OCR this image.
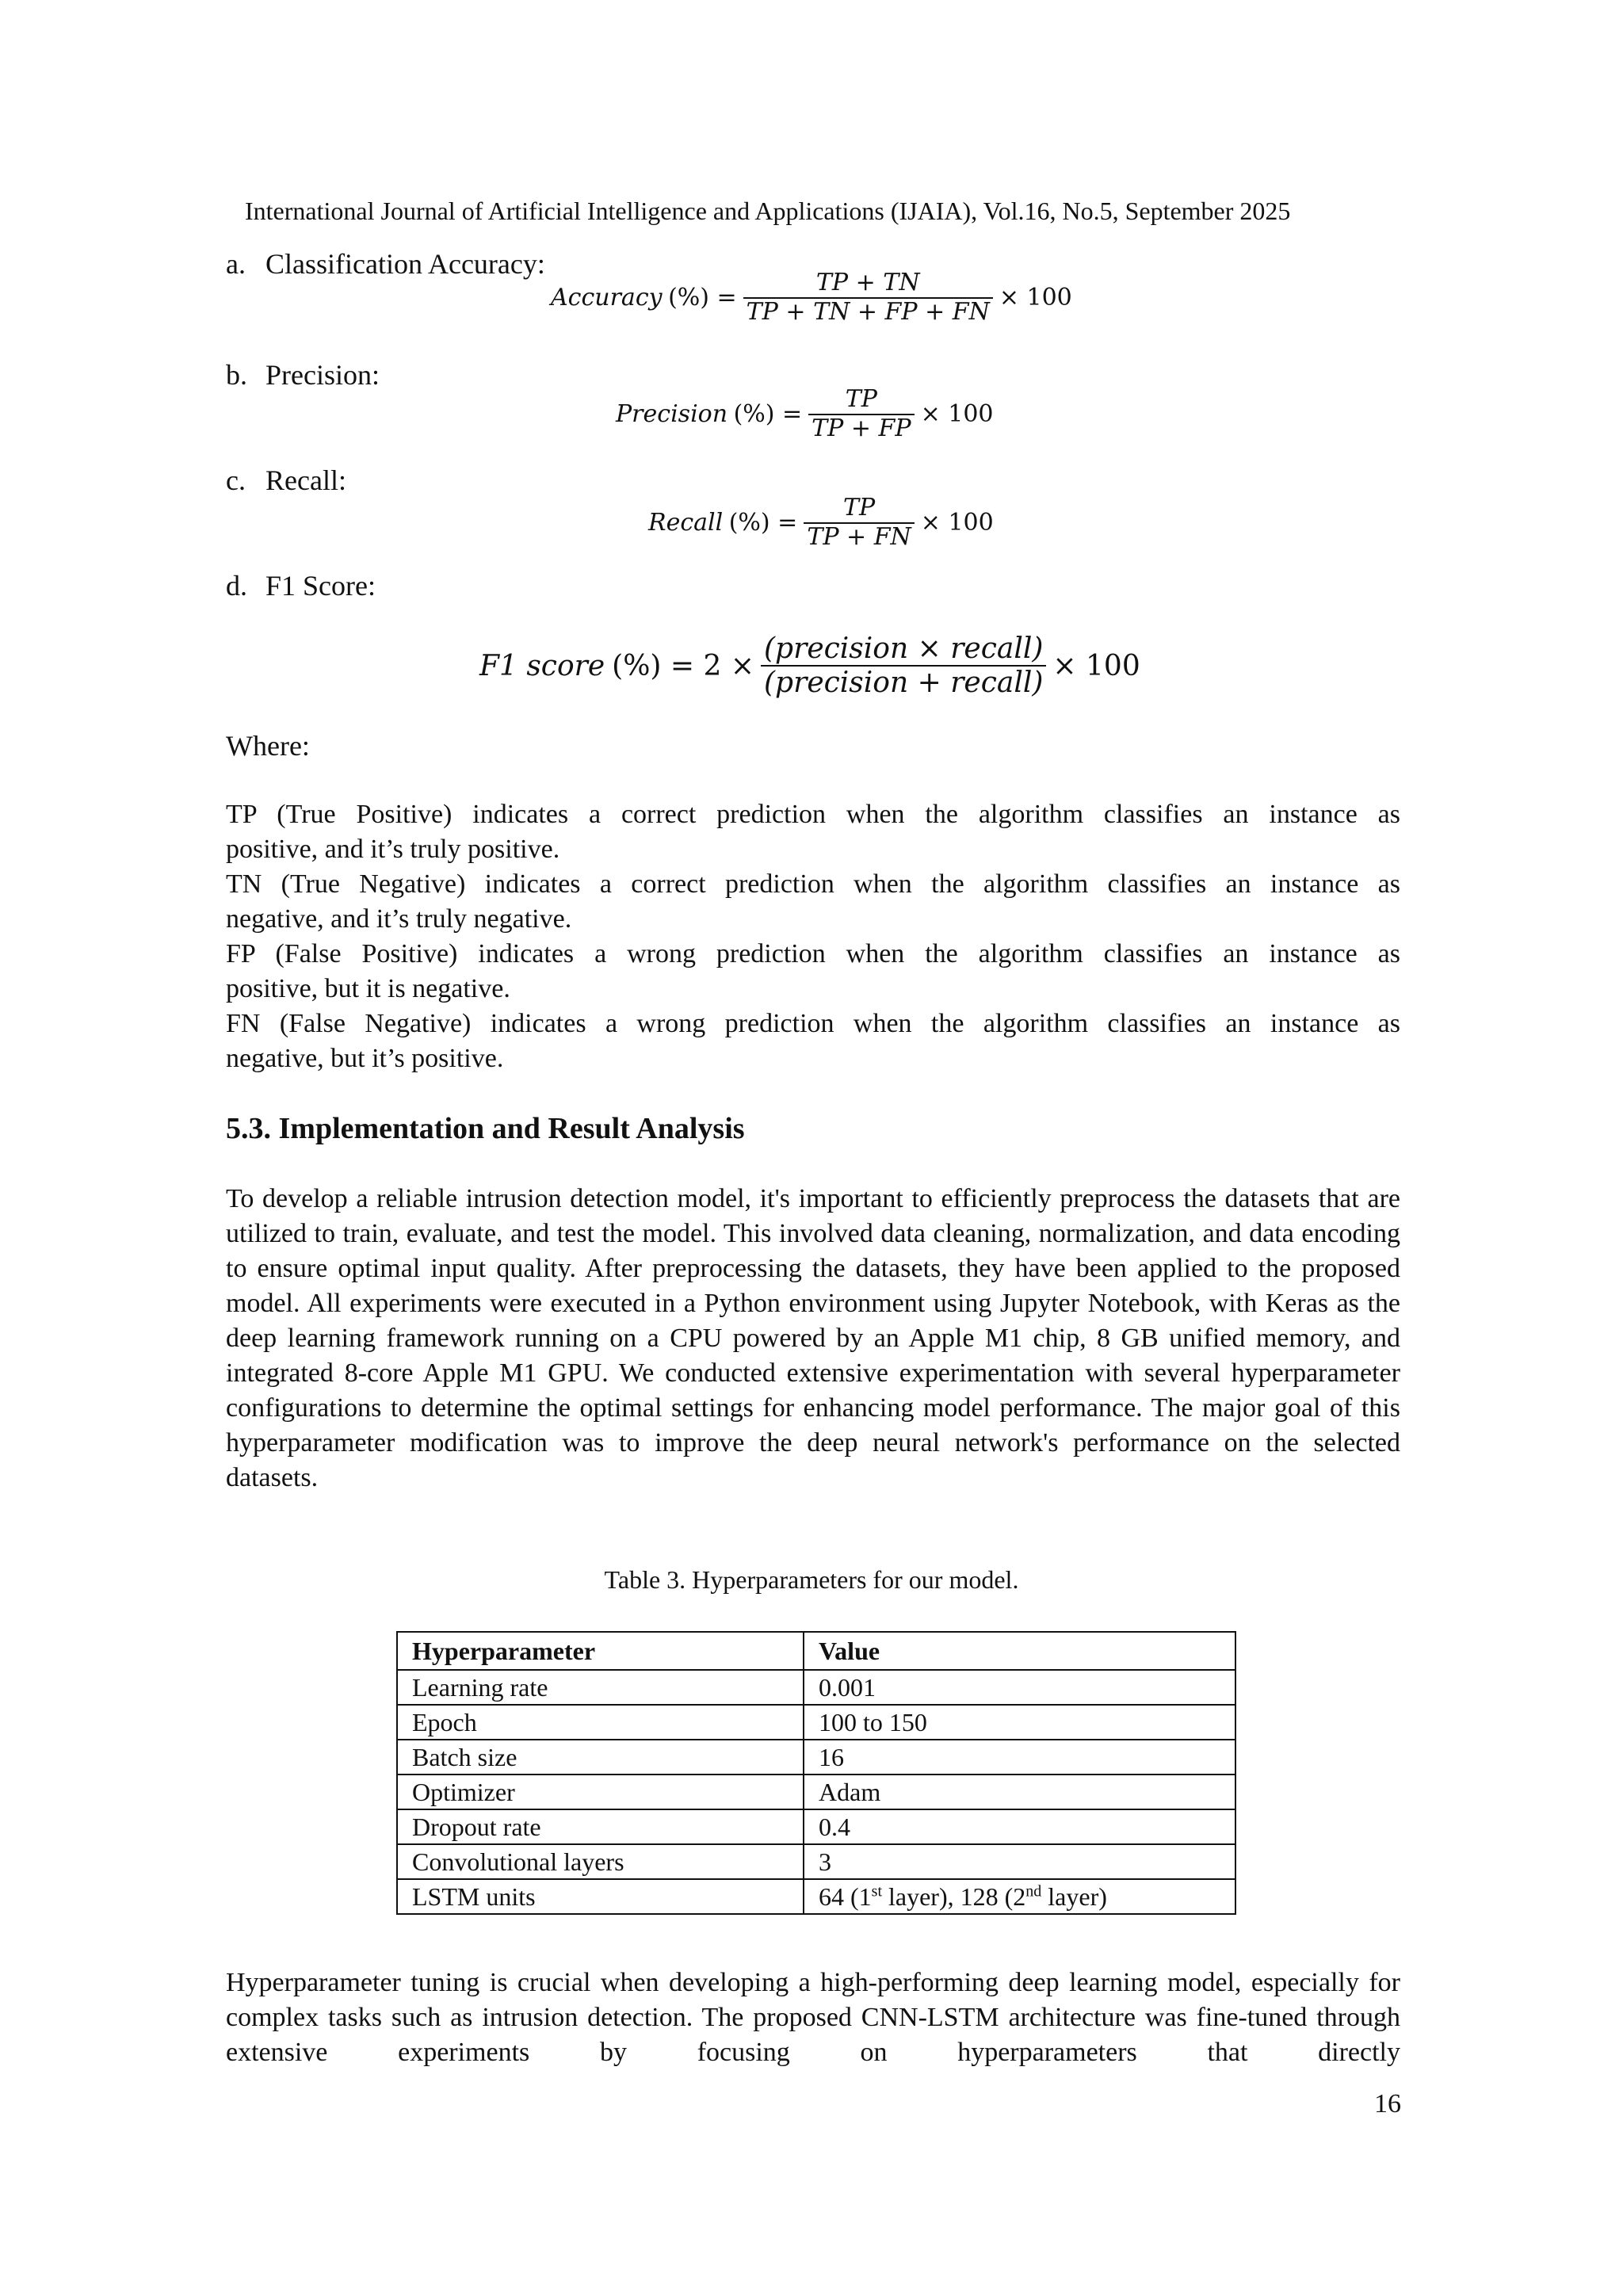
International Journal of Artificial Intelligence and Applications (IJAIA), Vol.16, No.5, September 2025
a. Classification Accuracy:
Accuracy
(%) = $\frac{TP + TN}{TP + TN + FP + FN} \times 100$
b. Precision:
Precision
(%) = $\frac{TP}{TP + FP} \times 100$
c. Recall:
Recall
(%) = $\frac{TP}{TP + FN} \times 100$
d. F1 Score:
F1 score
(%) = $2 \times \frac{\text{(precision × recall)}}{\text{(precision + recall)}} \times 100$
Where:

TP (True Positive) indicates a correct prediction when the algorithm classifies an instance as

positive, and it’s truly positive.

TN (True Negative) indicates a correct prediction when the algorithm classifies an instance as

negative, and it’s truly negative.

FP (False Positive) indicates a wrong prediction when the algorithm classifies an instance as

positive, but it is negative.

FN (False Negative) indicates a wrong prediction when the algorithm classifies an instance as

negative, but it’s positive.

5.3. Implementation and Result Analysis

To develop a reliable intrusion detection model, it's important to efficiently preprocess the datasets that are utilized to train, evaluate, and test the model. This involved data cleaning, normalization, and data encoding to ensure optimal input quality. After preprocessing the datasets, they have been applied to the proposed model. All experiments were executed in a Python environment using Jupyter Notebook, with Keras as the deep learning framework running on a CPU powered by an Apple M1 chip, 8 GB unified memory, and integrated 8-core Apple M1 GPU. We conducted extensive experimentation with several hyperparameter configurations to determine the optimal settings for enhancing model performance. The major goal of this hyperparameter modification was to improve the deep neural network's performance on the selected datasets.

Table 3. Hyperparameters for our model.
Hyperparameter	Value
Learning rate	0.001
Epoch	100 to 150
Batch size	16
Optimizer	Adam
Dropout rate	0.4
Convolutional layers	3
LSTM units	64 (1st layer), 128 (2nd layer)

Hyperparameter tuning is crucial when developing a high-performing deep learning model, especially for complex tasks such as intrusion detection. The proposed CNN-LSTM architecture was fine-tuned through extensive experiments by focusing on hyperparameters that directly

16
